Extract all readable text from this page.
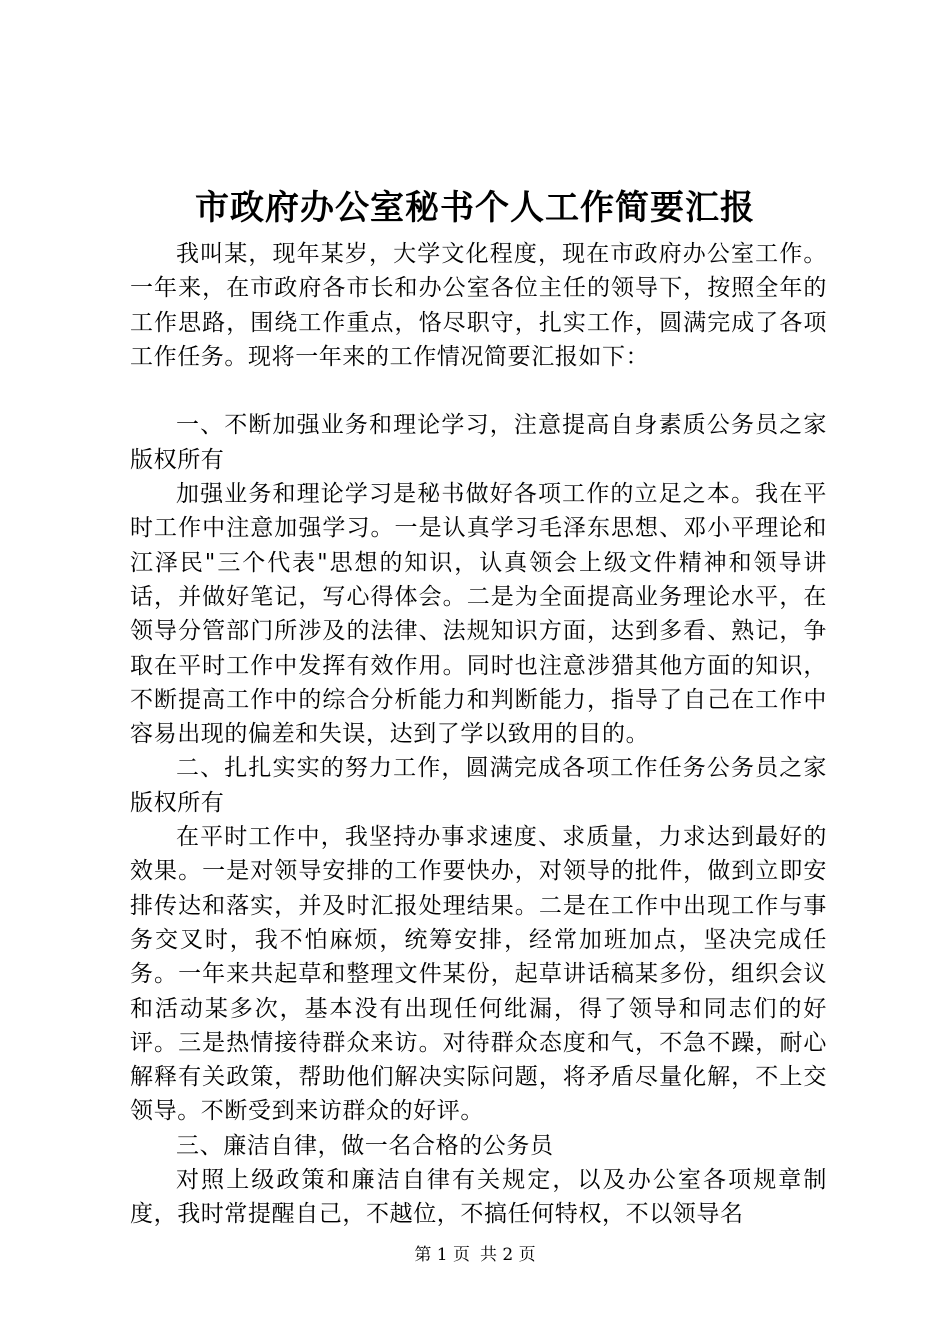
市政府办公室秘书个人工作简要汇报

我叫某，现年某岁，大学文化程度，现在市政府办公室工作。一年来，在市政府各市长和办公室各位主任的领导下，按照全年的工作思路，围绕工作重点，恪尽职守，扎实工作，圆满完成了各项工作任务。现将一年来的工作情况简要汇报如下：

一、不断加强业务和理论学习，注意提高自身素质公务员之家版权所有

加强业务和理论学习是秘书做好各项工作的立足之本。我在平时工作中注意加强学习。一是认真学习毛泽东思想、邓小平理论和江泽民"三个代表"思想的知识，认真领会上级文件精神和领导讲话，并做好笔记，写心得体会。二是为全面提高业务理论水平，在领导分管部门所涉及的法律、法规知识方面，达到多看、熟记，争取在平时工作中发挥有效作用。同时也注意涉猎其他方面的知识，不断提高工作中的综合分析能力和判断能力，指导了自己在工作中容易出现的偏差和失误，达到了学以致用的目的。

二、扎扎实实的努力工作，圆满完成各项工作任务公务员之家版权所有

在平时工作中，我坚持办事求速度、求质量，力求达到最好的效果。一是对领导安排的工作要快办，对领导的批件，做到立即安排传达和落实，并及时汇报处理结果。二是在工作中出现工作与事务交叉时，我不怕麻烦，统筹安排，经常加班加点，坚决完成任务。一年来共起草和整理文件某份，起草讲话稿某多份，组织会议和活动某多次，基本没有出现任何纰漏，得了领导和同志们的好评。三是热情接待群众来访。对待群众态度和气，不急不躁，耐心解释有关政策，帮助他们解决实际问题，将矛盾尽量化解，不上交领导。不断受到来访群众的好评。

三、廉洁自律，做一名合格的公务员

对照上级政策和廉洁自律有关规定，以及办公室各项规章制度，我时常提醒自己，不越位，不搞任何特权，不以领导名

第 1 页 共 2 页
